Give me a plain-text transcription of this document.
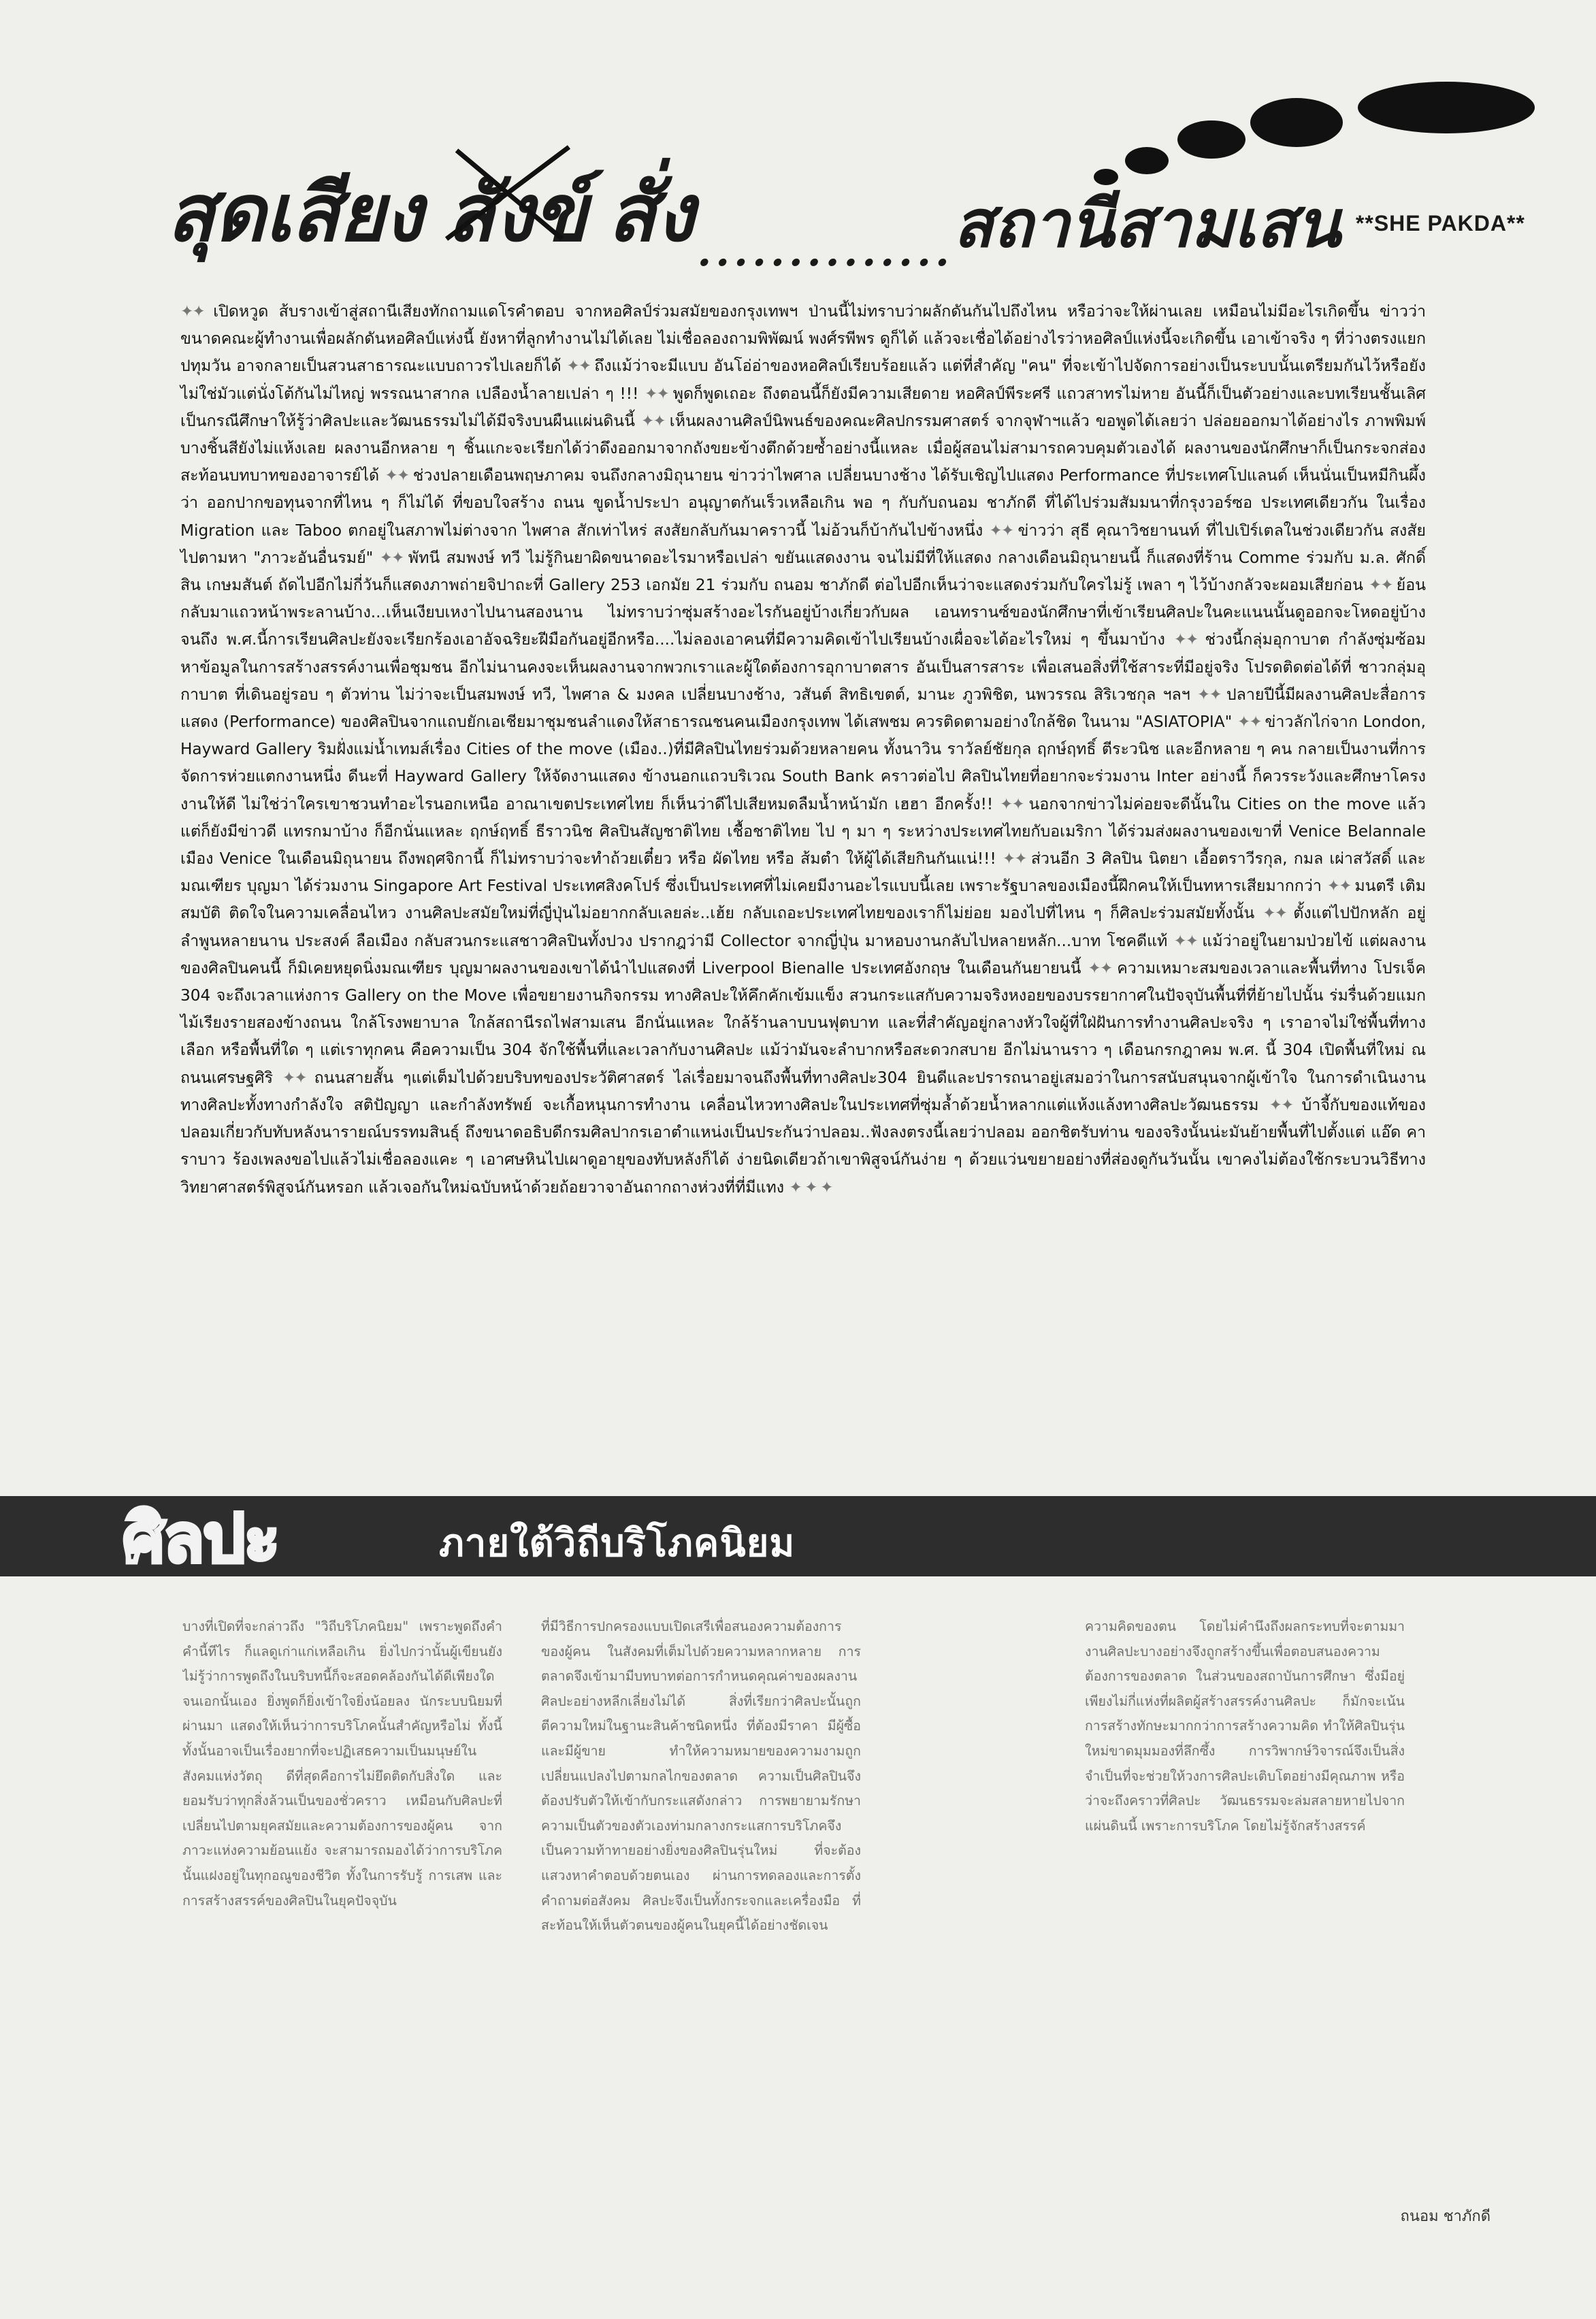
สุดเสียง สังข์ สั่ง .............. สถานีสามเสน **SHE PAKDA**
✦✦ เปิดหวูด ส้บรางเข้าสู่สถานีเสียงทักถามแดโรคำตอบ จากหอศิลป์ร่วมสมัยของกรุงเทพฯ ป่านนี้ไม่ทราบว่าผลักดันกันไปถึงไหน หรือว่าจะให้ผ่านเลย เหมือนไม่มีอะไรเกิดขึ้น ข่าวว่าขนาดคณะผู้ทำงานเพื่อผลักดันหอศิลป์แห่งนี้ ยังหาที่ลูกทำงานไม่ได้เลย ไม่เชื่อลองถามพิพัฒน์ พงศ์รพีพร ดูก็ได้ แล้วจะเชื่อได้อย่างไรว่าหอศิลป์แห่งนี้จะเกิดขึ้น เอาเข้าจริง ๆ ที่ว่างตรงแยกปทุมวัน อาจกลายเป็นสวนสาธารณะแบบถาวรไปเลยก็ได้ ✦✦ ถึงแม้ว่าจะมีแบบ อันโอ่อ่าของหอศิลป์เรียบร้อยแล้ว แต่ที่สำคัญ "คน" ที่จะเข้าไปจัดการอย่างเป็นระบบนั้นเตรียมกันไว้หรือยัง ไม่ใช่มัวแต่นั่งโต้กันไม่ไหญ่ พรรณนาสากล เปลืองน้ำลายเปล่า ๆ !!! ✦✦ พูดก็พูดเถอะ ถึงตอนนี้ก็ยังมีความเสียดาย หอศิลป์พีระศรี แถวสาทรไม่หาย อันนี้ก็เป็นตัวอย่างและบทเรียนชั้นเลิศ เป็นกรณีศึกษาให้รู้ว่าศิลปะและวัฒนธรรมไม่ได้มีจริงบนผืนแผ่นดินนี้ ✦✦ เห็นผลงานศิลป์นิพนธ์ของคณะศิลปกรรมศาสตร์ จากจุฬาฯแล้ว ขอพูดได้เลยว่า ปล่อยออกมาได้อย่างไร ภาพพิมพ์ บางชิ้นสียังไม่แห้งเลย ผลงานอีกหลาย ๆ ชิ้นแกะจะเรียกได้ว่าดึงออกมาจากถังขยะข้างตึกด้วยซ้ำอย่างนี้แหละ เมื่อผู้สอนไม่สามารถควบคุมตัวเองได้ ผลงานของนักศึกษาก็เป็นกระจกส่องสะท้อนบทบาทของอาจารย์ได้ ✦✦ ช่วงปลายเดือนพฤษภาคม จนถึงกลางมิถุนายน ข่าวว่าไพศาล เปลี่ยนบางช้าง ได้รับเชิญไปแสดง Performance ที่ประเทศโปแลนด์ เห็นนั่นเป็นหมีกินผึ้งว่า ออกปากขอทุนจากที่ไหน ๆ ก็ไม่ได้ ที่ขอบใจสร้าง ถนน ขูดน้ำประปา อนุญาตกันเร็วเหลือเกิน พอ ๆ กับกับถนอม ชาภักดี ที่ได้ไปร่วมสัมมนาที่กรุงวอร์ซอ ประเทศเดียวกัน ในเรื่อง Migration และ Taboo ตกอยู่ในสภาพไม่ต่างจาก ไพศาล สักเท่าไหร่ สงสัยกลับกันมาคราวนี้ ไม่อ้วนก็บ้ากันไปข้างหนึ่ง ✦✦ ข่าวว่า สุธี คุณาวิชยานนท์ ที่ไปเปิร์เตลในช่วงเดียวกัน สงสัยไปตามหา "ภาวะอันอื่นรมย์" ✦✦ พัทนี สมพงษ์ ทวี ไม่รู้กินยาผิดขนาดอะไรมาหรือเปล่า ขยันแสดงงาน จนไม่มีที่ให้แสดง กลางเดือนมิถุนายนนี้ ก็แสดงที่ร้าน Comme ร่วมกับ ม.ล. ศักดิ์สิน เกษมสันต์ ถัดไปอีกไม่กี่วันก็แสดงภาพถ่ายจิปาถะที่ Gallery 253 เอกมัย 21 ร่วมกับ ถนอม ชาภักดี ต่อไปอีกเห็นว่าจะแสดงร่วมกับใครไม่รู้ เพลา ๆ ไว้บ้างกลัวจะผอมเสียก่อน ✦✦ ย้อนกลับมาแถวหน้าพระลานบ้าง...เห็นเงียบเหงาไปนานสองนาน ไม่ทราบว่าซุ่มสร้างอะไรกันอยู่บ้างเกี่ยวกับผล เอนทรานซ์ของนักศึกษาที่เข้าเรียนศิลปะในคะแนนนั้นดูออกจะโหดอยู่บ้าง จนถึง พ.ศ.นี้การเรียนศิลปะยังจะเรียกร้องเอาอัจฉริยะฝีมือกันอยู่อีกหรือ....ไม่ลองเอาคนที่มีความคิดเข้าไปเรียนบ้างเผื่อจะได้อะไรใหม่ ๆ ขึ้นมาบ้าง ✦✦ ช่วงนี้กลุ่มอุกาบาต กำลังซุ่มซ้อม หาข้อมูลในการสร้างสรรค์งานเพื่อชุมชน อีกไม่นานคงจะเห็นผลงานจากพวกเราและผู้ใดต้องการอุกาบาตสาร อันเป็นสารสาระ เพื่อเสนอสิ่งที่ใช้สาระที่มีอยู่จริง โปรดติดต่อได้ที่ ชาวกลุ่มอุกาบาต ที่เดินอยู่รอบ ๆ ตัวท่าน ไม่ว่าจะเป็นสมพงษ์ ทวี, ไพศาล & มงคล เปลี่ยนบางช้าง, วสันต์ สิทธิเขตต์, มานะ ภูวพิชิต, นพวรรณ สิริเวชกุล ฯลฯ ✦✦ ปลายปีนี้มีผลงานศิลปะสื่อการแสดง (Performance) ของศิลปินจากแถบยักเอเชียมาชุมชนลำแดงให้สาธารณชนคนเมืองกรุงเทพ ได้เสพชม ควรติดตามอย่างใกล้ชิด ในนาม "ASIATOPIA" ✦✦ ข่าวลักไก่จาก London, Hayward Gallery ริมฝั่งแม่น้ำเทมส์เรื่อง Cities of the move (เมือง..)ที่มีศิลปินไทยร่วมด้วยหลายคน ทั้งนาวิน ราวัลย์ชัยกุล ฤกษ์ฤทธิ์ ตีระวนิช และอีกหลาย ๆ คน กลายเป็นงานที่การจัดการห่วยแตกงานหนึ่ง ดีนะที่ Hayward Gallery ให้จัดงานแสดง ข้างนอกแถวบริเวณ South Bank คราวต่อไป ศิลปินไทยที่อยากจะร่วมงาน Inter อย่างนี้ ก็ควรระวังและศึกษาโครงงานให้ดี ไม่ใช่ว่าใครเขาชวนทำอะไรนอกเหนือ อาณาเขตประเทศไทย ก็เห็นว่าดีไปเสียหมดลืมน้ำหน้ามัก เฮฮา อีกครั้ง!! ✦✦ นอกจากข่าวไม่ค่อยจะดีนั้นใน Cities on the move แล้วแต่ก็ยังมีข่าวดี แทรกมาบ้าง ก็อีกนั่นแหละ ฤกษ์ฤทธิ์ ธีราวนิช ศิลปินสัญชาติไทย เชื้อชาติไทย ไป ๆ มา ๆ ระหว่างประเทศไทยกับอเมริกา ได้ร่วมส่งผลงานของเขาที่ Venice Belannale เมือง Venice ในเดือนมิถุนายน ถึงพฤศจิกานี้ ก็ไม่ทราบว่าจะทำถ้วยเตี๋ยว หรือ ผัดไทย หรือ ส้มตำ ให้ผู้ได้เสียกินกันแน่!!! ✦✦ ส่วนอีก 3 ศิลปิน นิตยา เอื้อตราวีรกุล, กมล เผ่าสวัสดิ์ และมณเฑียร บุญมา ได้ร่วมงาน Singapore Art Festival ประเทศสิงคโปร์ ซึ่งเป็นประเทศที่ไม่เคยมีงานอะไรแบบนี้เลย เพราะรัฐบาลของเมืองนี้ฝึกคนให้เป็นทหารเสียมากกว่า ✦✦ มนตรี เติมสมบัติ ติดใจในความเคลื่อนไหว งานศิลปะสมัยใหม่ที่ญี่ปุ่นไม่อยากกลับเลยล่ะ..เฮ้ย กลับเถอะประเทศไทยของเราก็ไม่ย่อย มองไปที่ไหน ๆ ก็ศิลปะร่วมสมัยทั้งนั้น ✦✦ ตั้งแต่ไปปักหลัก อยู่ลำพูนหลายนาน ประสงค์ ลือเมือง กลับสวนกระแสชาวศิลปินทั้งปวง ปรากฎว่ามี Collector จากญี่ปุ่น มาหอบงานกลับไปหลายหลัก...บาท โชคดีแท้ ✦✦ แม้ว่าอยู่ในยามป่วยไข้ แต่ผลงานของศิลปินคนนี้ ก็มิเคยหยุดนิ่งมณเฑียร บุญมาผลงานของเขาได้นำไปแสดงที่ Liverpool Bienalle ประเทศอังกฤษ ในเดือนกันยายนนี้ ✦✦ ความเหมาะสมของเวลาและพื้นที่ทาง โปรเจ็ค 304 จะถึงเวลาแห่งการ Gallery on the Move เพื่อขยายงานกิจกรรม ทางศิลปะให้คึกคักเข้มแข็ง สวนกระแสกับความจริงหงอยของบรรยากาศในปัจจุบันพื้นที่ที่ย้ายไปนั้น ร่มรื่นด้วยแมกไม้เรียงรายสองข้างถนน ใกล้โรงพยาบาล ใกล้สถานีรถไฟสามเสน อีกนั่นแหละ ใกล้ร้านลาบบนฟุตบาท และที่สำคัญอยู่กลางหัวใจผู้ที่ใฝ่ฝันการทำงานศิลปะจริง ๆ เราอาจไม่ใช่พื้นที่ทางเลือก หรือพื้นที่ใด ๆ แต่เราทุกคน คือความเป็น 304 จักใช้พื้นที่และเวลากับงานศิลปะ แม้ว่ามันจะลำบากหรือสะดวกสบาย อีกไม่นานราว ๆ เดือนกรกฎาคม พ.ศ. นี้ 304 เปิดพื้นที่ใหม่ ณ ถนนเศรษฐศิริ ✦✦ ถนนสายสั้น ๆแต่เต็มไปด้วยบริบทของประวัติศาสตร์ ไล่เรื่อยมาจนถึงพื้นที่ทางศิลปะ304 ยินดีและปรารถนาอยู่เสมอว่าในการสนับสนุนจากผู้เข้าใจ ในการดำเนินงานทางศิลปะทั้งทางกำลังใจ สติปัญญา และกำลังทรัพย์ จะเกื้อหนุนการทำงาน เคลื่อนไหวทางศิลปะในประเทศที่ซุ่มล้ำด้วยน้ำหลากแต่แห้งแล้งทางศิลปะวัฒนธรรม ✦✦ บ้าจี้กับของแท้ของปลอมเกี่ยวกับทับหลังนารายณ์บรรทมสินธุ์ ถึงขนาดอธิบดีกรมศิลปากรเอาตำแหน่งเป็นประกันว่าปลอม..ฟังลงตรงนี้เลยว่าปลอม ออกชิตรับท่าน ของจริงนั้นน่ะมันย้ายพื้นที่ไปตั้งแต่ แอ๊ด คาราบาว ร้องเพลงขอไปแล้วไม่เชื่อลองแคะ ๆ เอาศษหินไปเผาดูอายุของทับหลังก็ได้ ง่ายนิดเดียวถ้าเขาพิสูจน์กันง่าย ๆ ด้วยแว่นขยายอย่างที่ส่องดูกันวันนั้น เขาคงไม่ต้องใช้กระบวนวิธีทางวิทยาศาสตร์พิสูจน์กันหรอก แล้วเจอกันใหม่ฉบับหน้าด้วยถ้อยวาจาอันถากถางห่วงที่ที่มีแทง ✦ ✦ ✦
ศิลปะ	ภายใต้วิถีบริโภคนิยม
บางที่เปิดที่จะกล่าวถึง "วิถีบริโภคนิยม" เพราะพูดถึงคำคำนี้ทีไร ก็แลดูเก่าแก่เหลือเกิน ยิ่งไปกว่านั้นผู้เขียนยังไม่รู้ว่าการพูดถึงในบริบทนี้ก็จะสอดคล้องกันได้ดีเพียงใด จนเอกนั้นเอง ยิ่งพูดก็ยิ่งเข้าใจยิ่งน้อยลง นักระบบนิยมที่ผ่านมา แสดงให้เห็นว่าการบริโภคนั้นสำคัญหรือไม่ ทั้งนี้ทั้งนั้นอาจเป็นเรื่องยากที่จะปฏิเสธความเป็นมนุษย์ในสังคมแห่งวัตถุ ดีที่สุดคือการไม่ยึดติดกับสิ่งใด และยอมรับว่าทุกสิ่งล้วนเป็นของชั่วคราว เหมือนกับศิลปะที่เปลี่ยนไปตามยุคสมัยและความต้องการของผู้คน จากภาวะแห่งความย้อนแย้ง จะสามารถมองได้ว่าการบริโภคนั้นแฝงอยู่ในทุกอณูของชีวิต ทั้งในการรับรู้ การเสพ และการสร้างสรรค์ของศิลปินในยุคปัจจุบัน
ที่มีวิธีการปกครองแบบเปิดเสรีเพื่อสนองความต้องการของผู้คน ในสังคมที่เต็มไปด้วยความหลากหลาย การตลาดจึงเข้ามามีบทบาทต่อการกำหนดคุณค่าของผลงานศิลปะอย่างหลีกเลี่ยงไม่ได้ สิ่งที่เรียกว่าศิลปะนั้นถูกตีความใหม่ในฐานะสินค้าชนิดหนึ่ง ที่ต้องมีราคา มีผู้ซื้อ และมีผู้ขาย ทำให้ความหมายของความงามถูกเปลี่ยนแปลงไปตามกลไกของตลาด ความเป็นศิลปินจึงต้องปรับตัวให้เข้ากับกระแสดังกล่าว การพยายามรักษาความเป็นตัวของตัวเองท่ามกลางกระแสการบริโภคจึงเป็นความท้าทายอย่างยิ่งของศิลปินรุ่นใหม่ ที่จะต้องแสวงหาคำตอบด้วยตนเอง ผ่านการทดลองและการตั้งคำถามต่อสังคม ศิลปะจึงเป็นทั้งกระจกและเครื่องมือ ที่สะท้อนให้เห็นตัวตนของผู้คนในยุคนี้ได้อย่างชัดเจน
ความคิดของตน โดยไม่คำนึงถึงผลกระทบที่จะตามมา งานศิลปะบางอย่างจึงถูกสร้างขึ้นเพื่อตอบสนองความต้องการของตลาด ในส่วนของสถาบันการศึกษา ซึ่งมีอยู่เพียงไม่กี่แห่งที่ผลิตผู้สร้างสรรค์งานศิลปะ ก็มักจะเน้นการสร้างทักษะมากกว่าการสร้างความคิด ทำให้ศิลปินรุ่นใหม่ขาดมุมมองที่ลึกซึ้ง การวิพากษ์วิจารณ์จึงเป็นสิ่งจำเป็นที่จะช่วยให้วงการศิลปะเติบโตอย่างมีคุณภาพ หรือว่าจะถึงคราวที่ศิลปะ วัฒนธรรมจะล่มสลายหายไปจากแผ่นดินนี้ เพราะการบริโภค โดยไม่รู้จักสร้างสรรค์
ถนอม ชาภักดี
